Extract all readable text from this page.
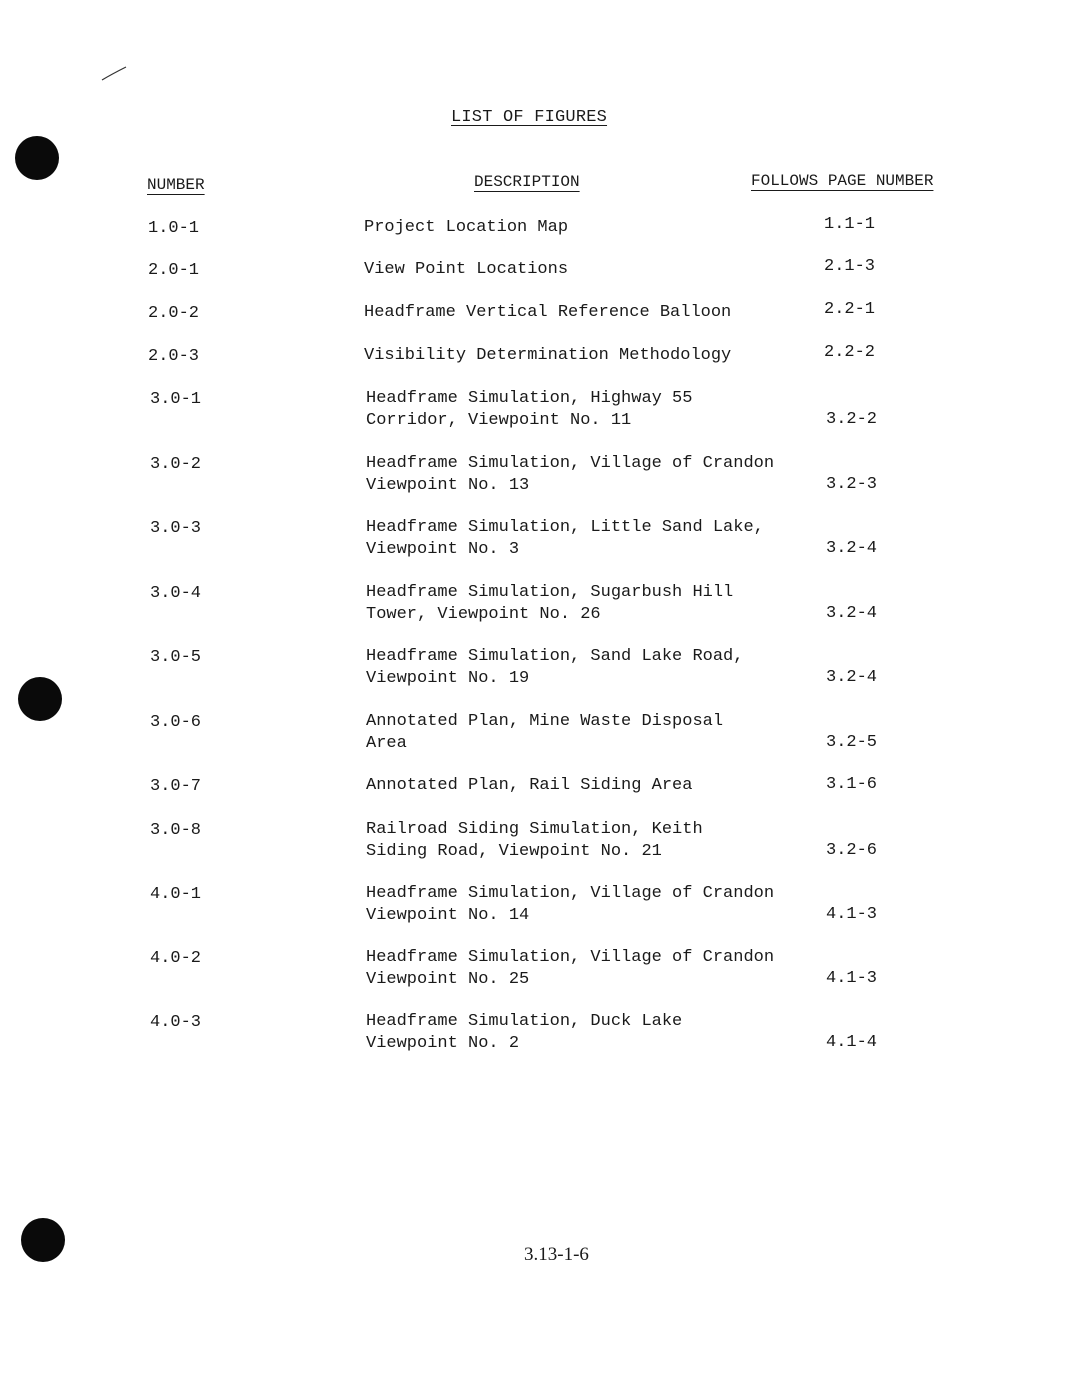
LIST OF FIGURES
NUMBER	DESCRIPTION	FOLLOWS PAGE NUMBER
1.0-1	Project Location Map	1.1-1
2.0-1	View Point Locations	2.1-3
2.0-2	Headframe Vertical Reference Balloon	2.2-1
2.0-3	Visibility Determination Methodology	2.2-2
3.0-1	Headframe Simulation, Highway 55
Corridor, Viewpoint No. 11	3.2-2
3.0-2	Headframe Simulation, Village of Crandon
Viewpoint No. 13	3.2-3
3.0-3	Headframe Simulation, Little Sand Lake,
Viewpoint No. 3	3.2-4
3.0-4	Headframe Simulation, Sugarbush Hill
Tower, Viewpoint No. 26	3.2-4
3.0-5	Headframe Simulation, Sand Lake Road,
Viewpoint No. 19	3.2-4
3.0-6	Annotated Plan, Mine Waste Disposal
Area	3.2-5
3.0-7	Annotated Plan, Rail Siding Area	3.1-6
3.0-8	Railroad Siding Simulation, Keith
Siding Road, Viewpoint No. 21	3.2-6
4.0-1	Headframe Simulation, Village of Crandon
Viewpoint No. 14	4.1-3
4.0-2	Headframe Simulation, Village of Crandon
Viewpoint No. 25	4.1-3
4.0-3	Headframe Simulation, Duck Lake
Viewpoint No. 2	4.1-4
3.13-1-6
